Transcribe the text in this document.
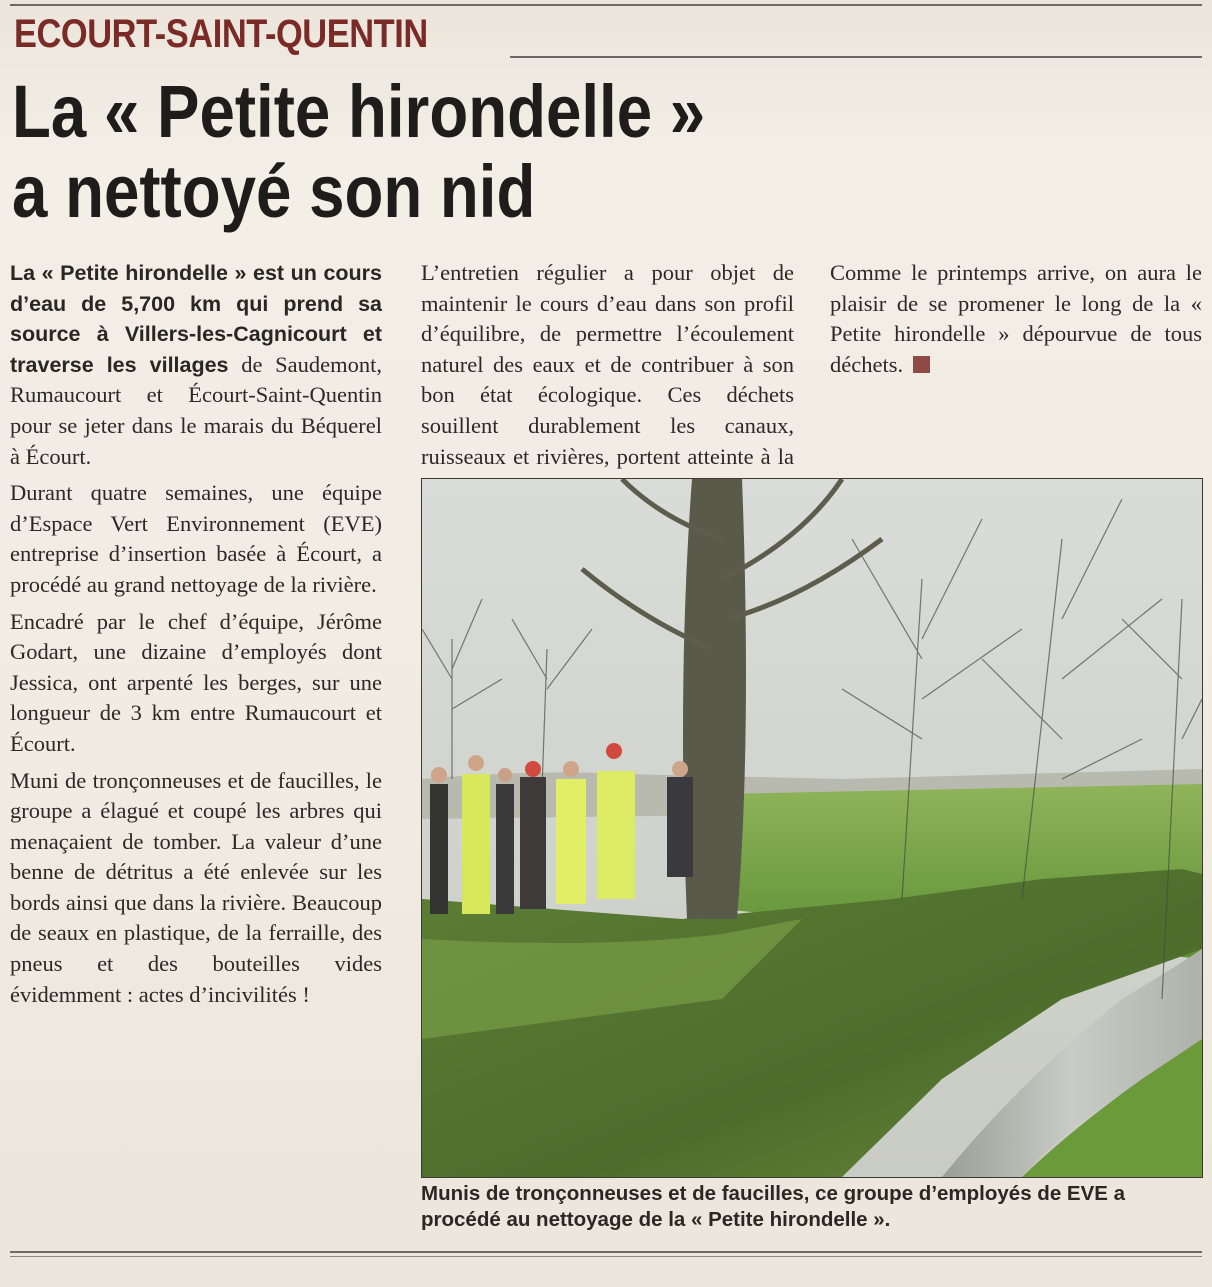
ECOURT-SAINT-QUENTIN
La « Petite hirondelle »
a nettoyé son nid

La « Petite hirondelle » est un cours d’eau de 5,700 km qui prend sa source à Villers-les-Cagnicourt et traverse les villages de Saudemont, Rumaucourt et Écourt-Saint-Quentin pour se jeter dans le marais du Béquerel à Écourt.

Durant quatre semaines, une équipe d’Espace Vert Environnement (EVE) entreprise d’insertion basée à Écourt, a procédé au grand nettoyage de la rivière.

Encadré par le chef d’équipe, Jérôme Godart, une dizaine d’employés dont Jessica, ont arpenté les berges, sur une longueur de 3 km entre Rumaucourt et Écourt.

Muni de tronçonneuses et de faucilles, le groupe a élagué et coupé les arbres qui menaçaient de tomber. La valeur d’une benne de détritus a été enlevée sur les bords ainsi que dans la rivière. Beaucoup de seaux en plastique, de la ferraille, des pneus et des bouteilles vides évidemment : actes d’incivilités !

L’entretien régulier a pour objet de maintenir le cours d’eau dans son profil d’équilibre, de permettre l’écoulement naturel des eaux et de contribuer à son bon état écologique. Ces déchets souillent durablement les canaux, ruisseaux et rivières, portent atteinte à la

Comme le printemps arrive, on aura le plaisir de se promener le long de la « Petite hirondelle » dépourvue de tous déchets.

Munis de tronçonneuses et de faucilles, ce groupe d’employés de EVE a procédé au nettoyage de la « Petite hirondelle ».
